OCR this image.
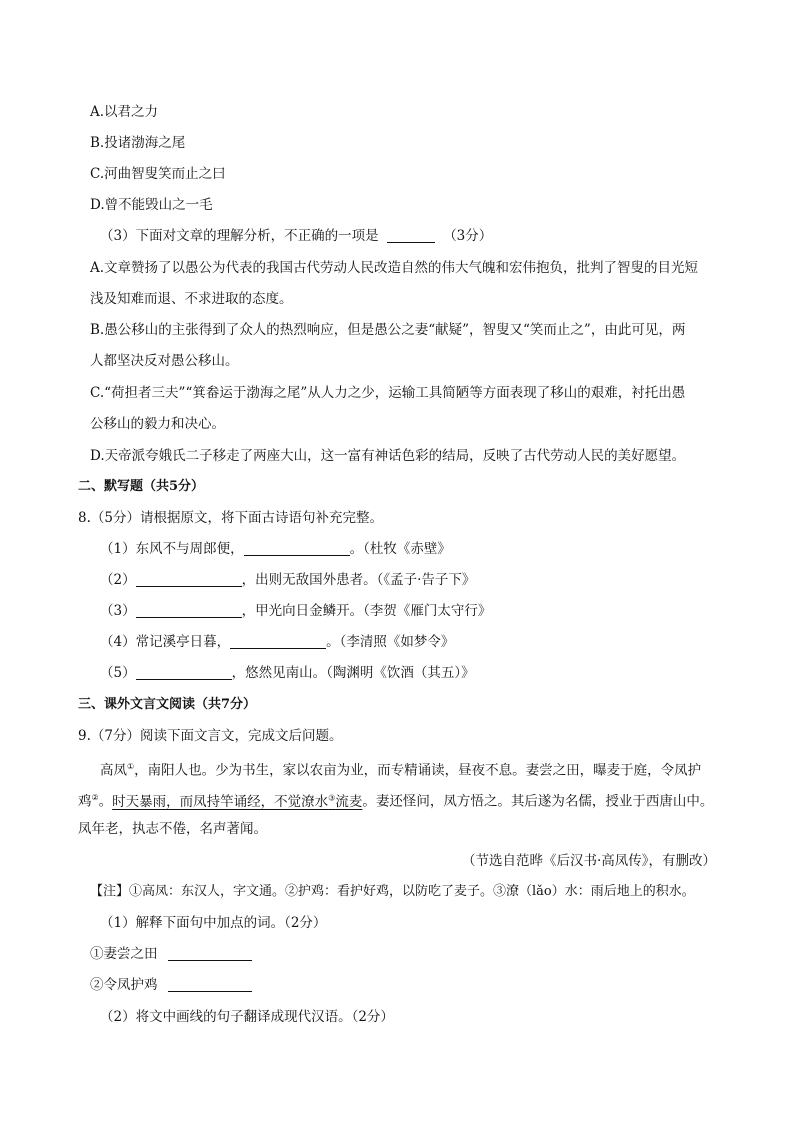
A.以君之力
B.投诸渤海之尾
C.河曲智叟笑而止之曰
D.曾不能毁山之一毛
（3）下面对文章的理解分析，不正确的一项是	（3分）
A.文章赞扬了以愚公为代表的我国古代劳动人民改造自然的伟大气魄和宏伟抱负，批判了智叟的目光短
浅及知难而退、不求进取的态度。
B.愚公移山的主张得到了众人的热烈响应，但是愚公之妻“献疑”，智叟又“笑而止之”，由此可见，两
人都坚决反对愚公移山。
C.“荷担者三夫”“箕畚运于渤海之尾”从人力之少，运输工具简陋等方面表现了移山的艰难，衬托出愚
公移山的毅力和决心。
D.天帝派夸娥氏二子移走了两座大山，这一富有神话色彩的结局，反映了古代劳动人民的美好愿望。
二、默写题（共5分）
8.（5分）请根据原文，将下面古诗语句补充完整。
（1）东风不与周郎便，	。（杜牧《赤壁》
（2）	，出则无敌国外患者。（《孟子·告子下》
（3）	，甲光向日金鳞开。（李贺《雁门太守行》
（4）常记溪亭日暮，	。（李清照《如梦令》
（5）	，悠然见南山。（陶渊明《饮酒（其五）》
三、课外文言文阅读（共7分）
9.（7分）阅读下面文言文，完成文后问题。
高凤①，南阳人也。少为书生，家以农亩为业，而专精诵读，昼夜不息。妻尝之田，曝麦于庭，令凤护
鸡②。时天暴雨，而凤持竿诵经，不觉潦水③流麦。妻还怪问，凤方悟之。其后遂为名儒，授业于西唐山中。
凤年老，执志不倦，名声著闻。
（节选自范晔《后汉书·高凤传》，有删改）
【注】①高凤：东汉人，字文通。②护鸡：看护好鸡，以防吃了麦子。③潦（lǎo）水：雨后地上的积水。
（1）解释下面句中加点的词。（2分）
①妻尝之田
②令凤护鸡
（2）将文中画线的句子翻译成现代汉语。（2分）
